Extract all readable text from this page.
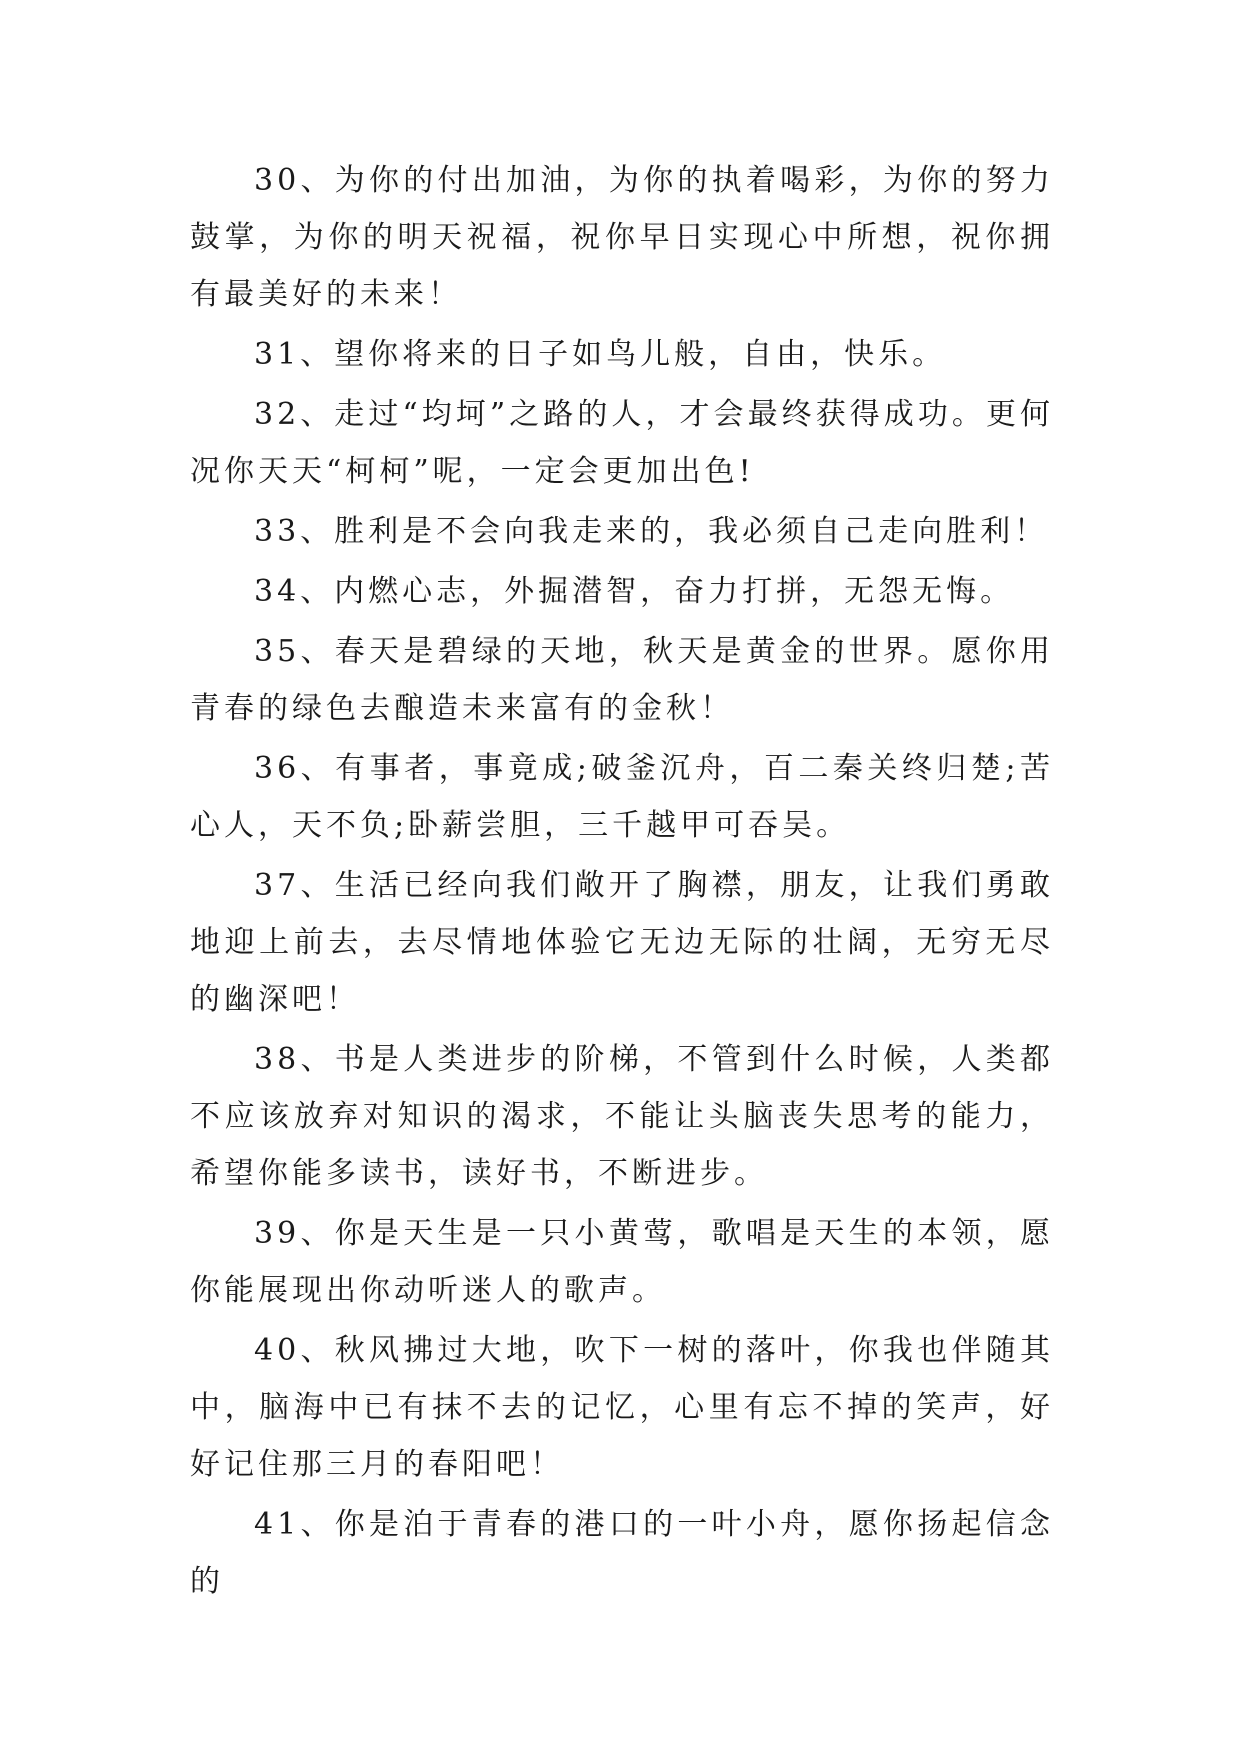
30、为你的付出加油，为你的执着喝彩，为你的努力鼓掌，为你的明天祝福，祝你早日实现心中所想，祝你拥有最美好的未来！

31、望你将来的日子如鸟儿般，自由，快乐。

32、走过“均坷”之路的人，才会最终获得成功。更何况你天天“柯柯”呢，一定会更加出色!

33、胜利是不会向我走来的，我必须自己走向胜利！

34、内燃心志，外掘潜智，奋力打拼，无怨无悔。

35、春天是碧绿的天地，秋天是黄金的世界。愿你用青春的绿色去酿造未来富有的金秋！

36、有事者，事竟成;破釜沉舟，百二秦关终归楚;苦心人，天不负;卧薪尝胆，三千越甲可吞吴。

37、生活已经向我们敞开了胸襟，朋友，让我们勇敢地迎上前去，去尽情地体验它无边无际的壮阔，无穷无尽的幽深吧！

38、书是人类进步的阶梯，不管到什么时候，人类都不应该放弃对知识的渴求，不能让头脑丧失思考的能力，希望你能多读书，读好书，不断进步。

39、你是天生是一只小黄莺，歌唱是天生的本领，愿你能展现出你动听迷人的歌声。

40、秋风拂过大地，吹下一树的落叶，你我也伴随其中，脑海中已有抹不去的记忆，心里有忘不掉的笑声，好好记住那三月的春阳吧！

41、你是泊于青春的港口的一叶小舟，愿你扬起信念的
